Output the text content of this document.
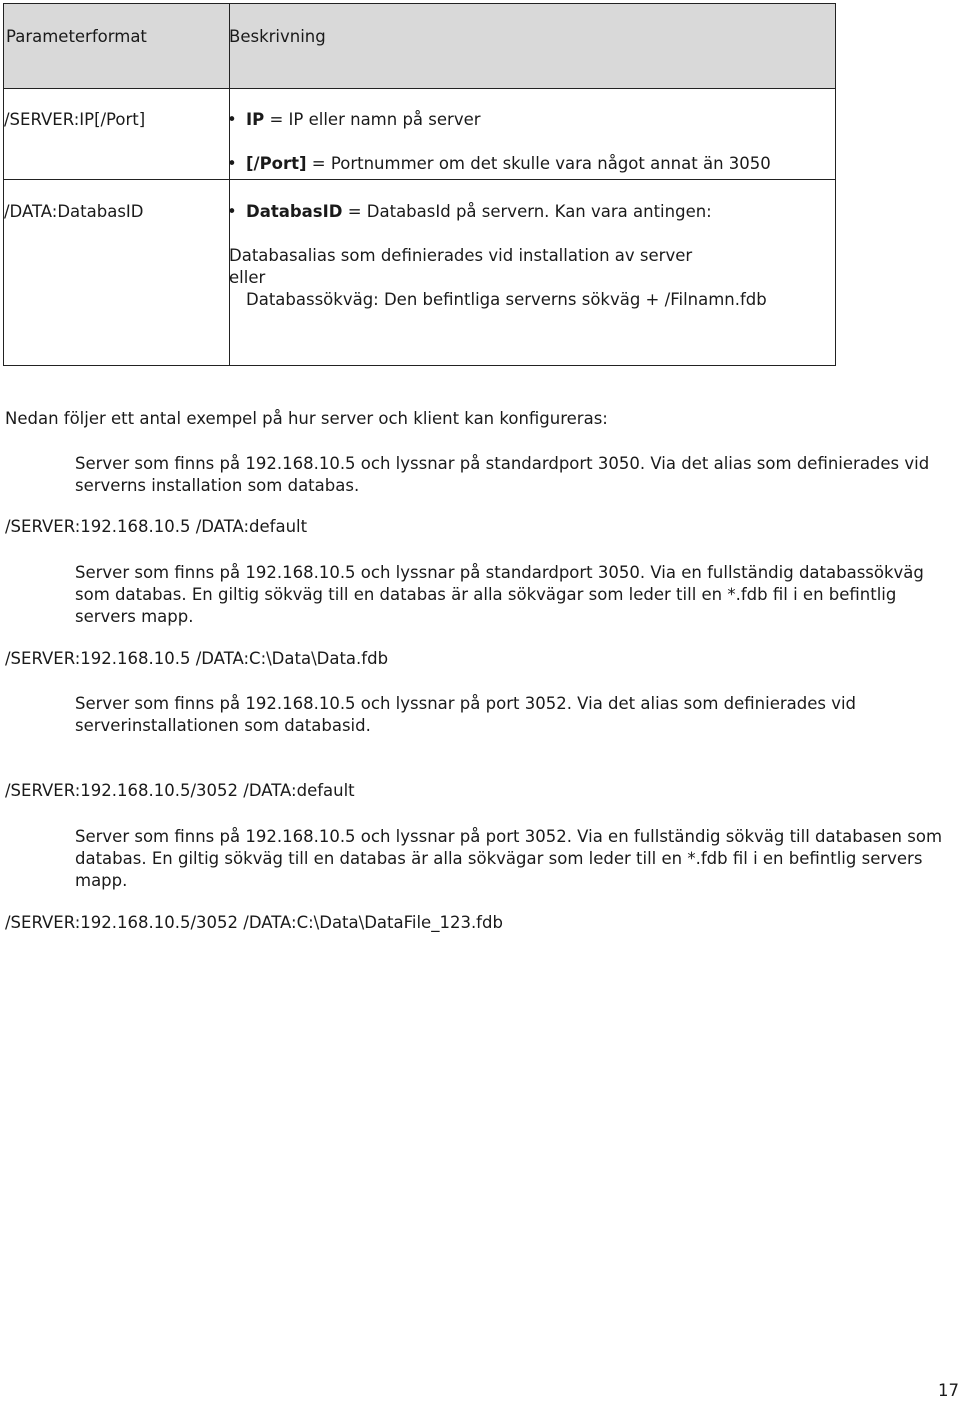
Parameterformat	Beskrivning
/SERVER:IP[/Port]	• IP = IP eller namn på server
• [/Port] = Portnummer om det skulle vara något annat än 3050
/DATA:DatabasID	• DatabasID = DatabasId på servern. Kan vara antingen:
Databasalias som definierades vid installation av server
eller
Databassökväg: Den befintliga serverns sökväg + /Filnamn.fdb
Nedan följer ett antal exempel på hur server och klient kan konfigureras:
Server som finns på 192.168.10.5 och lyssnar på standardport 3050. Via det alias som definierades vid serverns installation som databas.
/SERVER:192.168.10.5 /DATA:default
Server som finns på 192.168.10.5 och lyssnar på standardport 3050. Via en fullständig databassökväg som databas. En giltig sökväg till en databas är alla sökvägar som leder till en *.fdb fil i en befintlig servers mapp.
/SERVER:192.168.10.5 /DATA:C:\Data\Data.fdb
Server som finns på 192.168.10.5 och lyssnar på port 3052. Via det alias som definierades vid serverinstallationen som databasid.
/SERVER:192.168.10.5/3052 /DATA:default
Server som finns på 192.168.10.5 och lyssnar på port 3052. Via en fullständig sökväg till databasen som databas. En giltig sökväg till en databas är alla sökvägar som leder till en *.fdb fil i en befintlig servers mapp.
/SERVER:192.168.10.5/3052 /DATA:C:\Data\DataFile_123.fdb
17
